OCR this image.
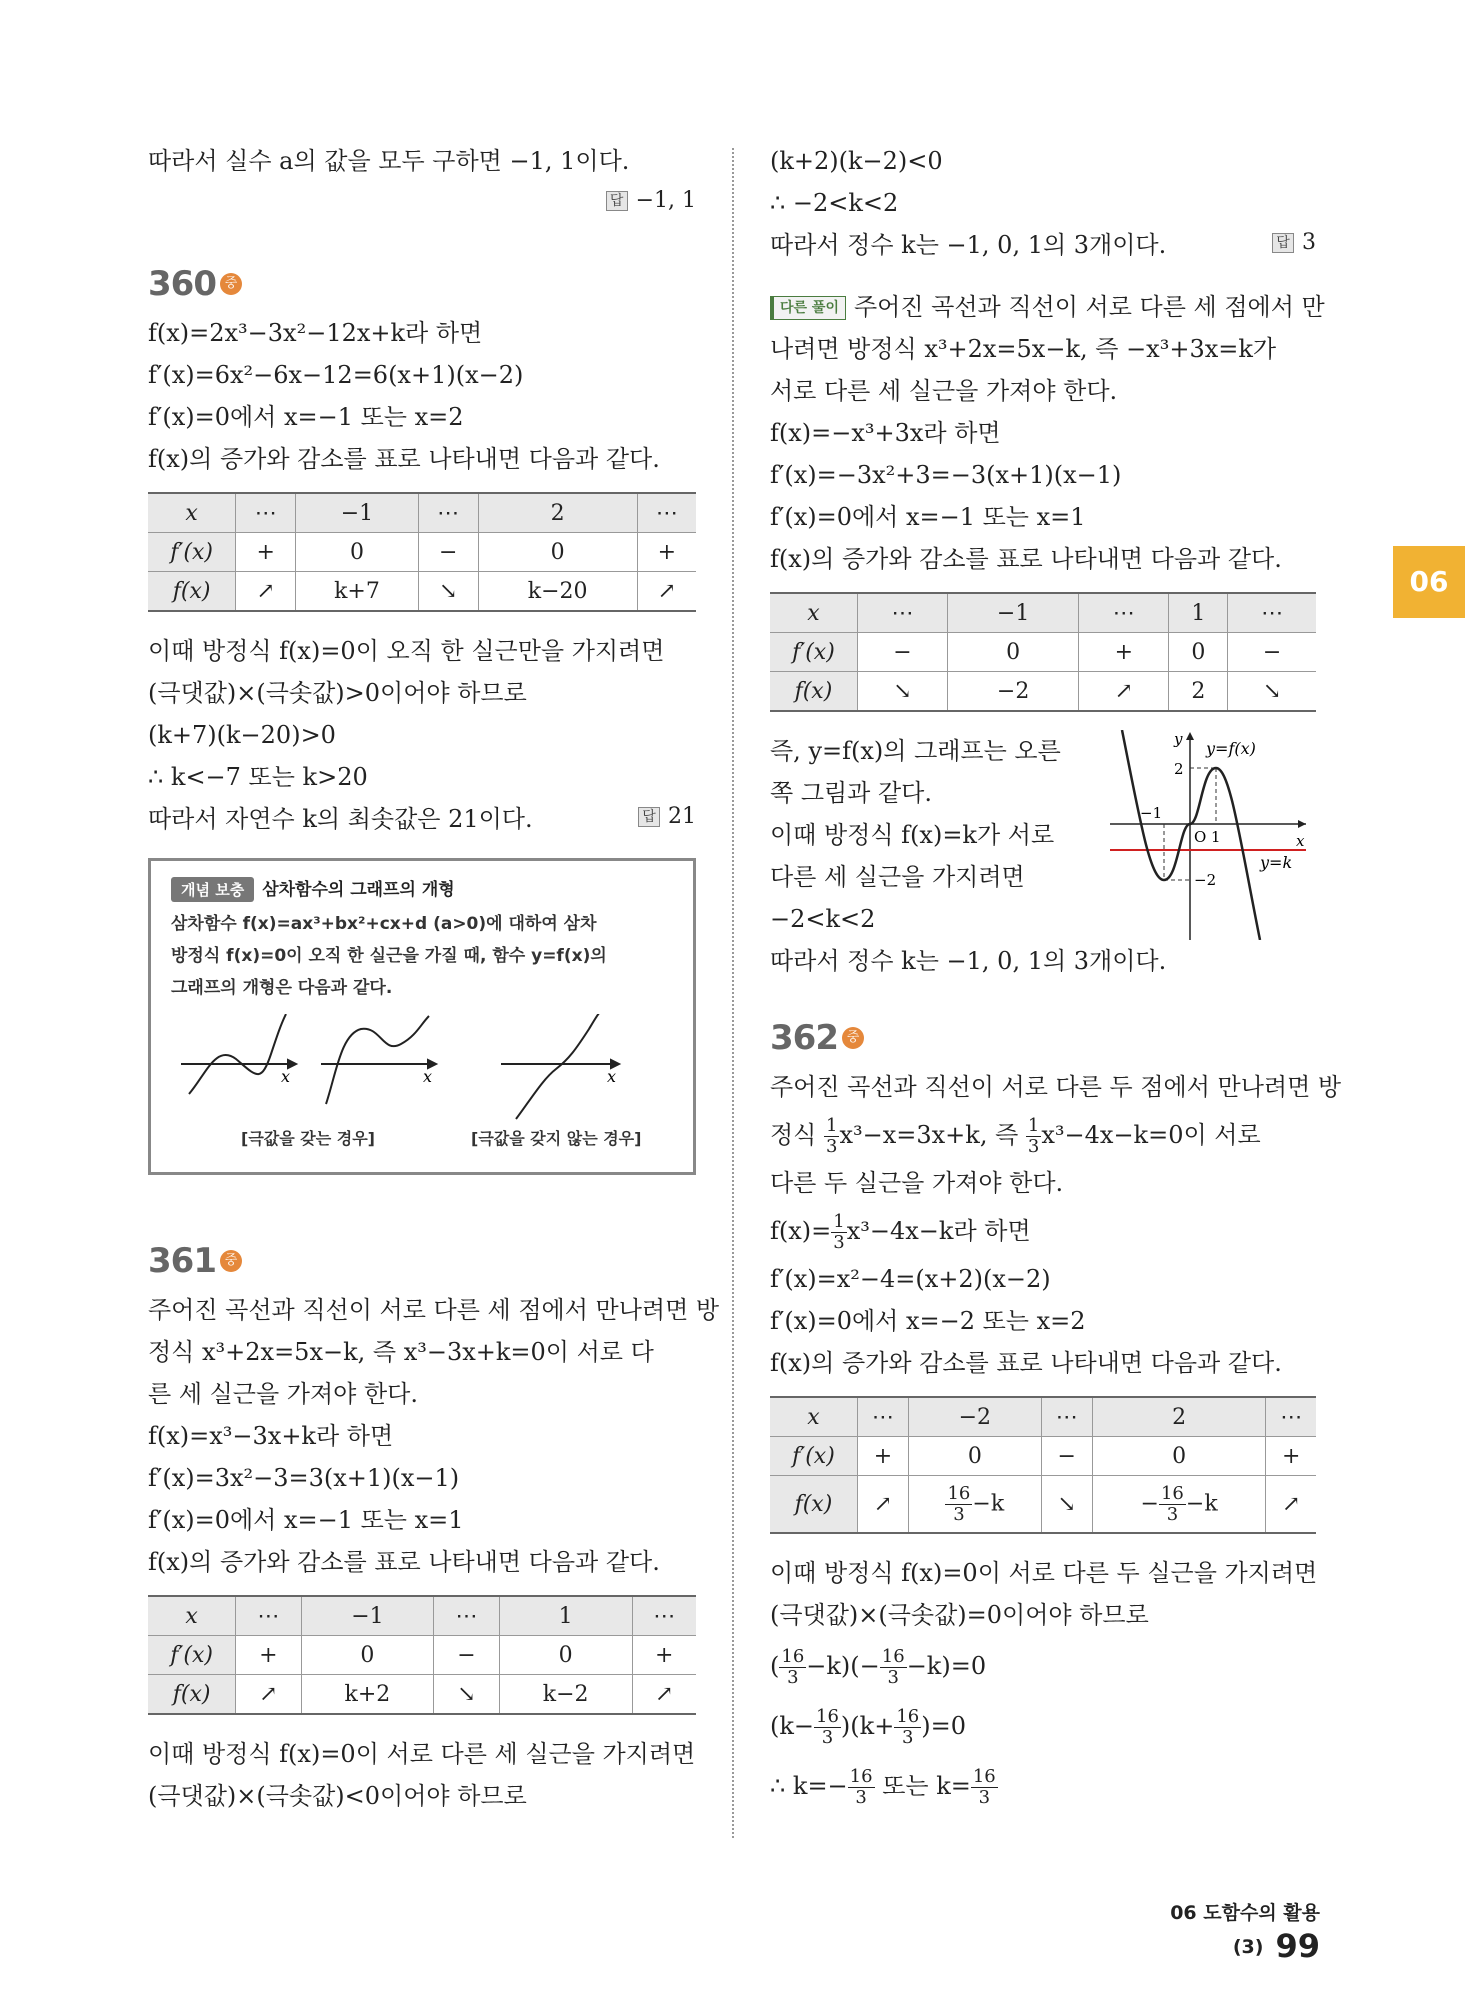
06
따라서 실수 a의 값을 모두 구하면 −1, 1이다.
답 −1, 1
360 중
f(x)=2x³−3x²−12x+k라 하면
f′(x)=6x²−6x−12=6(x+1)(x−2)
f′(x)=0에서 x=−1 또는 x=2
f(x)의 증가와 감소를 표로 나타내면 다음과 같다.
x	⋯	−1	⋯	2	⋯
f′(x)	+	0	−	0	+
f(x)	↗	k+7	↘	k−20	↗
이때 방정식 f(x)=0이 오직 한 실근만을 가지려면
(극댓값)×(극솟값)>0이어야 하므로
(k+7)(k−20)>0
∴ k<−7 또는 k>20
따라서 자연수 k의 최솟값은 21이다.	답 21
개념 보충 삼차함수의 그래프의 개형
삼차함수 f(x)=ax³+bx²+cx+d (a>0)에 대하여 삼차
방정식 f(x)=0이 오직 한 실근을 가질 때, 함수 y=f(x)의
그래프의 개형은 다음과 같다.
x	x	x
[극값을 갖는 경우]	[극값을 갖지 않는 경우]
361 중
주어진 곡선과 직선이 서로 다른 세 점에서 만나려면 방
정식 x³+2x=5x−k, 즉 x³−3x+k=0이 서로 다
른 세 실근을 가져야 한다.
f(x)=x³−3x+k라 하면
f′(x)=3x²−3=3(x+1)(x−1)
f′(x)=0에서 x=−1 또는 x=1
f(x)의 증가와 감소를 표로 나타내면 다음과 같다.
x	⋯	−1	⋯	1	⋯
f′(x)	+	0	−	0	+
f(x)	↗	k+2	↘	k−2	↗
이때 방정식 f(x)=0이 서로 다른 세 실근을 가지려면
(극댓값)×(극솟값)<0이어야 하므로
(k+2)(k−2)<0
∴ −2<k<2
따라서 정수 k는 −1, 0, 1의 3개이다.	답 3
다른 풀이 주어진 곡선과 직선이 서로 다른 세 점에서 만
나려면 방정식 x³+2x=5x−k, 즉 −x³+3x=k가
서로 다른 세 실근을 가져야 한다.
f(x)=−x³+3x라 하면
f′(x)=−3x²+3=−3(x+1)(x−1)
f′(x)=0에서 x=−1 또는 x=1
f(x)의 증가와 감소를 표로 나타내면 다음과 같다.
x	⋯	−1	⋯	1	⋯
f′(x)	−	0	+	0	−
f(x)	↘	−2	↗	2	↘
즉, y=f(x)의 그래프는 오른
쪽 그림과 같다.
이때 방정식 f(x)=k가 서로
다른 세 실근을 가지려면
−2<k<2
y
x
y=f(x)
y=k
2
−1
O 1
−2
따라서 정수 k는 −1, 0, 1의 3개이다.
362 중
주어진 곡선과 직선이 서로 다른 두 점에서 만나려면 방
정식 $\frac{1}{3} x^3-x=3x+k$, 즉 $\frac{1}{3} x^3-4x-k=0$이 서로
다른 두 실근을 가져야 한다.
$f(x)= \frac{1}{3} x^3-4x-k$라 하면
f′(x)=x²−4=(x+2)(x−2)
f′(x)=0에서 x=−2 또는 x=2
f(x)의 증가와 감소를 표로 나타내면 다음과 같다.
x	⋯	−2	⋯	2	⋯
f′(x)	+	0	−	0	+
f(x)	↗	$\frac{16}{3} -k$	↘	− $\frac{16}{3} -k$	↗
이때 방정식 f(x)=0이 서로 다른 두 실근을 가지려면
(극댓값)×(극솟값)=0이어야 하므로
( $\frac{16}{3} -k)(- \frac{16}{3} -k)=0$
$(k- \frac{16}{3} )(k+ \frac{16}{3} )=0$
∴ $k=- \frac{16}{3}$ 또는 $k= \frac{16}{3}$
06 도함수의 활용 (3) 99
